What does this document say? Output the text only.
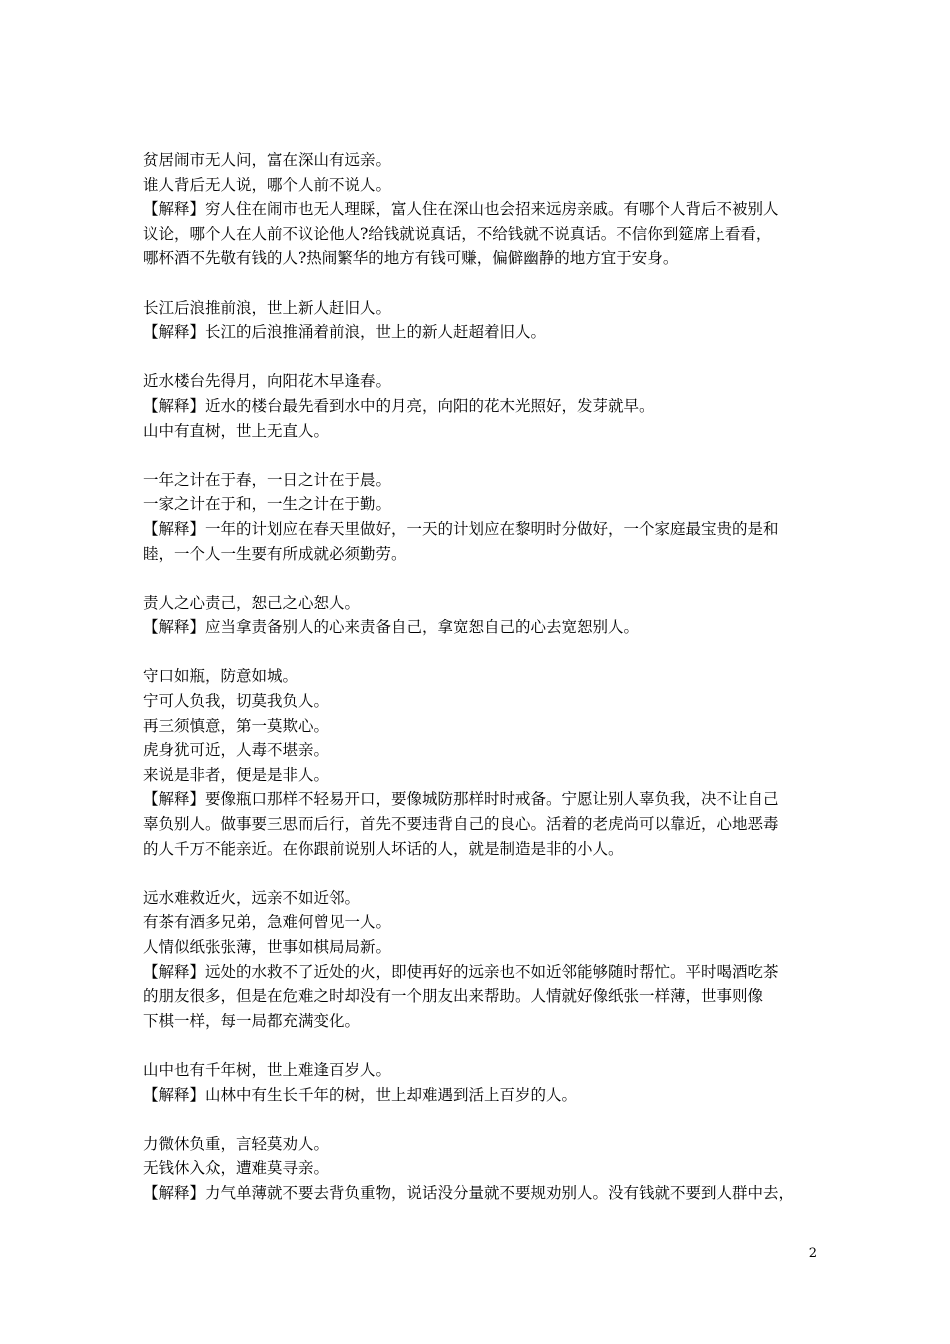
贫居闹市无人问，富在深山有远亲。
谁人背后无人说，哪个人前不说人。
【解释】穷人住在闹市也无人理睬，富人住在深山也会招来远房亲戚。有哪个人背后不被别人
议论，哪个人在人前不议论他人?给钱就说真话，不给钱就不说真话。不信你到筵席上看看，
哪杯酒不先敬有钱的人?热闹繁华的地方有钱可赚，偏僻幽静的地方宜于安身。
长江后浪推前浪，世上新人赶旧人。
【解释】长江的后浪推涌着前浪，世上的新人赶超着旧人。
近水楼台先得月，向阳花木早逢春。
【解释】近水的楼台最先看到水中的月亮，向阳的花木光照好，发芽就早。
山中有直树，世上无直人。
一年之计在于春，一日之计在于晨。
一家之计在于和，一生之计在于勤。
【解释】一年的计划应在春天里做好，一天的计划应在黎明时分做好，一个家庭最宝贵的是和
睦，一个人一生要有所成就必须勤劳。
责人之心责己，恕己之心恕人。
【解释】应当拿责备别人的心来责备自己，拿宽恕自己的心去宽恕别人。
守口如瓶，防意如城。
宁可人负我，切莫我负人。
再三须慎意，第一莫欺心。
虎身犹可近，人毒不堪亲。
来说是非者，便是是非人。
【解释】要像瓶口那样不轻易开口，要像城防那样时时戒备。宁愿让别人辜负我，决不让自己
辜负别人。做事要三思而后行，首先不要违背自己的良心。活着的老虎尚可以靠近，心地恶毒
的人千万不能亲近。在你跟前说别人坏话的人，就是制造是非的小人。
远水难救近火，远亲不如近邻。
有茶有酒多兄弟，急难何曾见一人。
人情似纸张张薄，世事如棋局局新。
【解释】远处的水救不了近处的火，即使再好的远亲也不如近邻能够随时帮忙。平时喝酒吃茶
的朋友很多，但是在危难之时却没有一个朋友出来帮助。人情就好像纸张一样薄，世事则像
下棋一样，每一局都充满变化。
山中也有千年树，世上难逢百岁人。
【解释】山林中有生长千年的树，世上却难遇到活上百岁的人。
力微休负重，言轻莫劝人。
无钱休入众，遭难莫寻亲。
【解释】力气单薄就不要去背负重物，说话没分量就不要规劝别人。没有钱就不要到人群中去，
2
